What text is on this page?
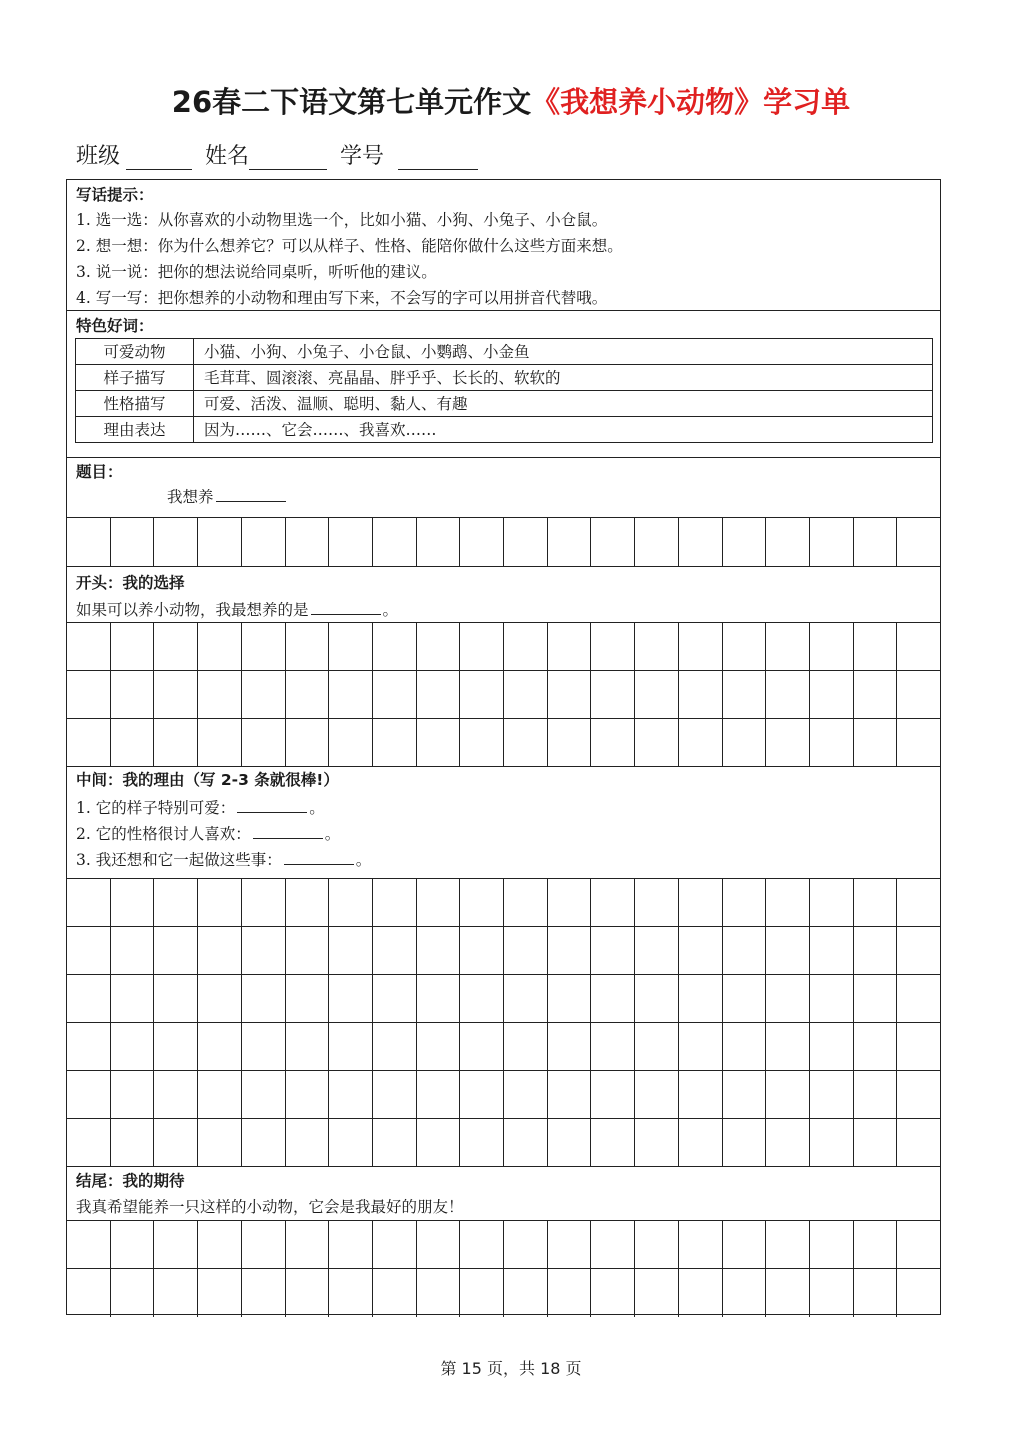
26春二下语文第七单元作文《我想养小动物》学习单
班级	姓名	学号
写话提示：
1. 选一选：从你喜欢的小动物里选一个，比如小猫、小狗、小兔子、小仓鼠。
2. 想一想：你为什么想养它？可以从样子、性格、能陪你做什么这些方面来想。
3. 说一说：把你的想法说给同桌听，听听他的建议。
4. 写一写：把你想养的小动物和理由写下来，不会写的字可以用拼音代替哦。
特色好词：
可爱动物	小猫、小狗、小兔子、小仓鼠、小鹦鹉、小金鱼
样子描写	毛茸茸、圆滚滚、亮晶晶、胖乎乎、长长的、软软的
性格描写	可爱、活泼、温顺、聪明、黏人、有趣
理由表达	因为……、它会……、我喜欢……
题目：
我想养
开头：我的选择
如果可以养小动物，我最想养的是	。
中间：我的理由（写 2-3 条就很棒!）
1. 它的样子特别可爱：	。
2. 它的性格很讨人喜欢：	。
3. 我还想和它一起做这些事：	。
结尾：我的期待
我真希望能养一只这样的小动物，它会是我最好的朋友！
第 15 页，共 18 页
